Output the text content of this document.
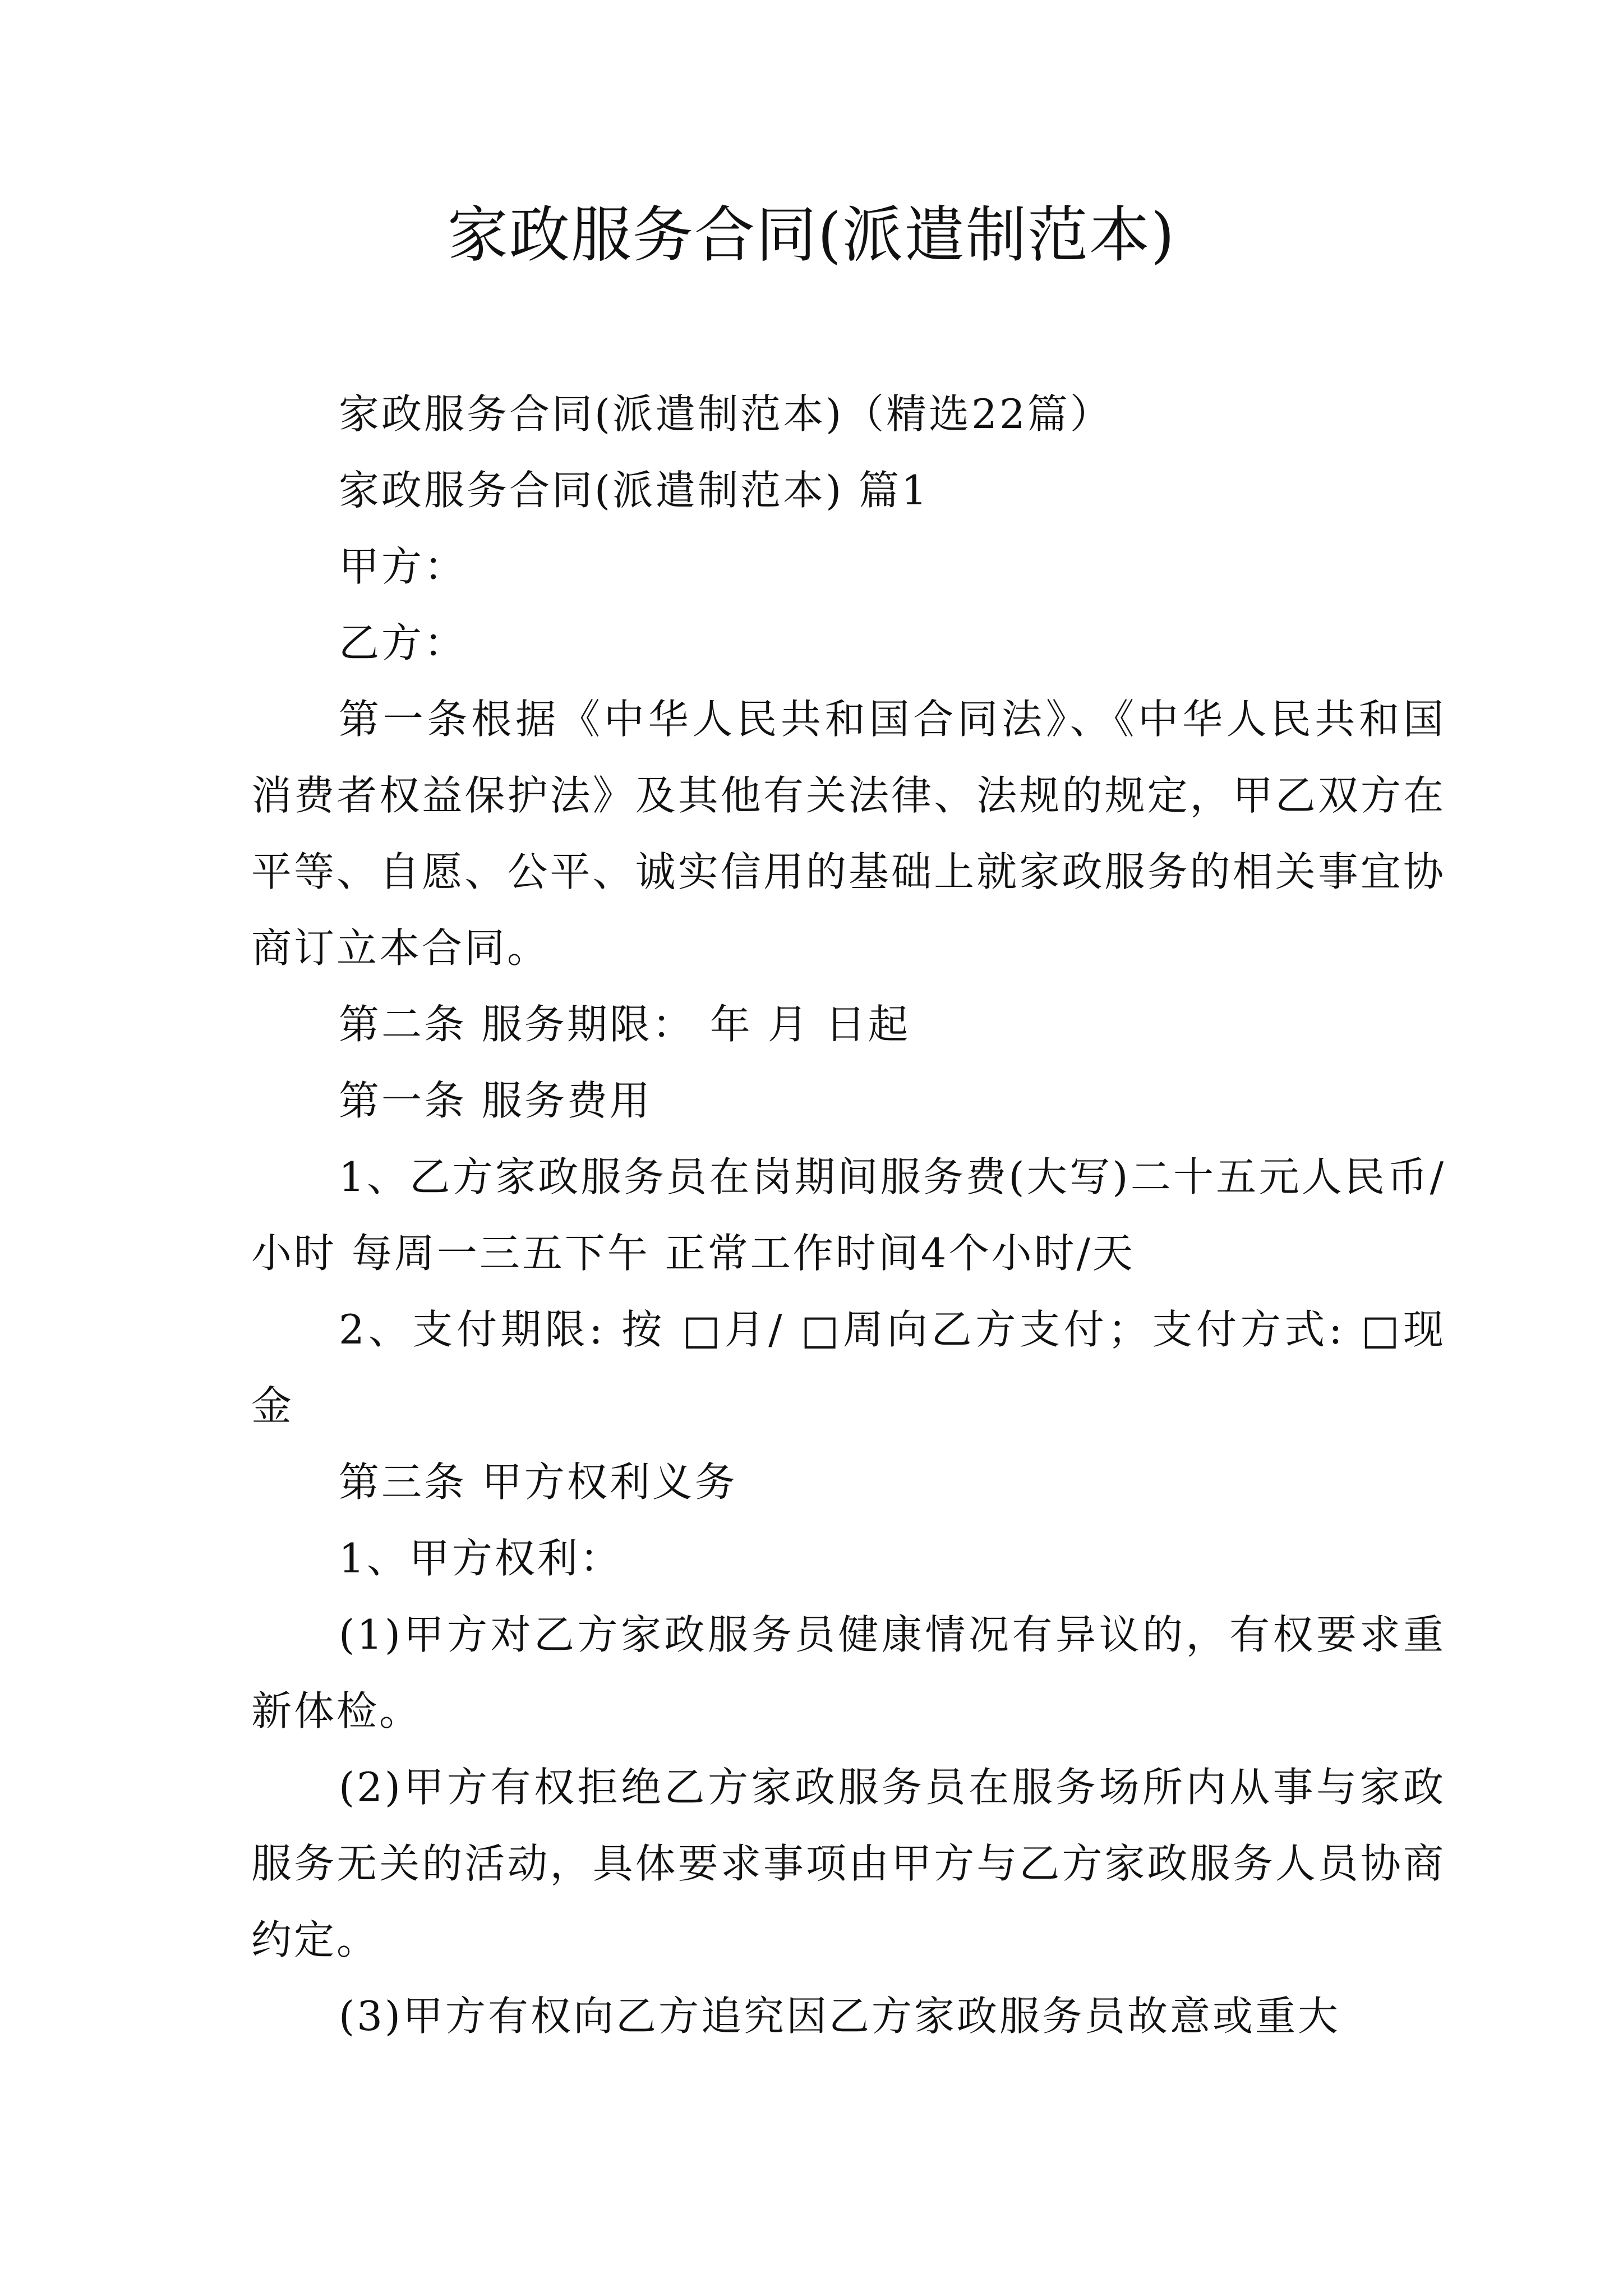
家政服务合同(派遣制范本)

家政服务合同(派遣制范本)（精选22篇）

家政服务合同(派遣制范本) 篇1

甲方：

乙方：

第一条根据《中华人民共和国合同法》、《中华人民共和国消费者权益保护法》及其他有关法律、法规的规定，甲乙双方在平等、自愿、公平、诚实信用的基础上就家政服务的相关事宜协商订立本合同。

第二条 服务期限： 年 月 日起

第一条 服务费用

1、乙方家政服务员在岗期间服务费(大写)二十五元人民币/小时 每周一三五下午 正常工作时间4个小时/天

2、支付期限: 按 □月/ □周向乙方支付；支付方式: □现金

第三条 甲方权利义务

1、甲方权利：

(1)甲方对乙方家政服务员健康情况有异议的，有权要求重新体检。

(2)甲方有权拒绝乙方家政服务员在服务场所内从事与家政服务无关的活动，具体要求事项由甲方与乙方家政服务人员协商约定。

(3)甲方有权向乙方追究因乙方家政服务员故意或重大
